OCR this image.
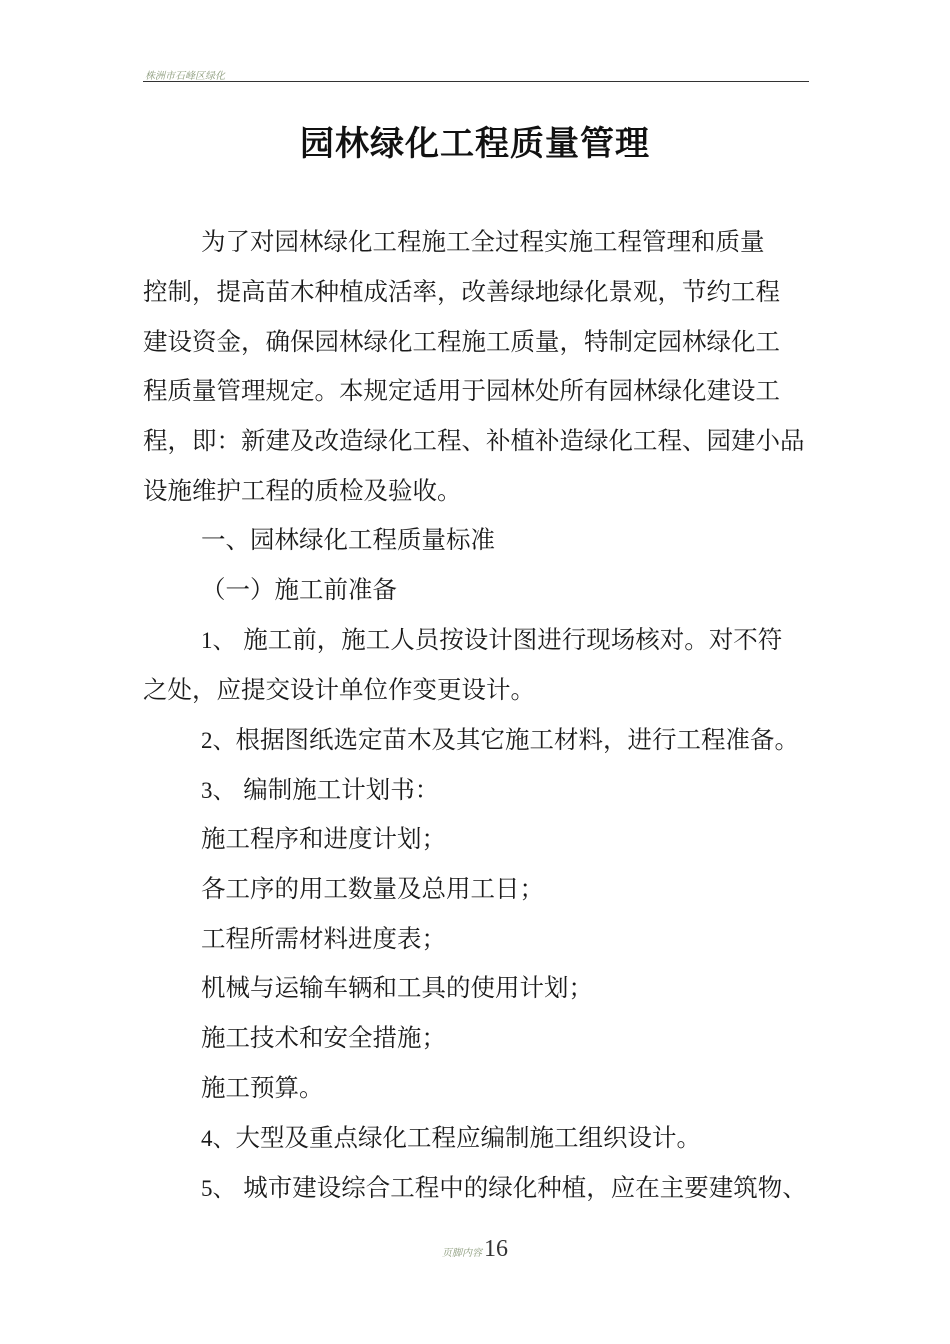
株洲市石峰区绿化
园林绿化工程质量管理
为了对园林绿化工程施工全过程实施工程管理和质量
控制，提高苗木种植成活率，改善绿地绿化景观，节约工程
建设资金，确保园林绿化工程施工质量，特制定园林绿化工
程质量管理规定。本规定适用于园林处所有园林绿化建设工
程，即：新建及改造绿化工程、补植补造绿化工程、园建小品
设施维护工程的质检及验收。
一、园林绿化工程质量标准
（一）施工前准备
1、 施工前，施工人员按设计图进行现场核对。对不符
之处，应提交设计单位作变更设计。
2、根据图纸选定苗木及其它施工材料，进行工程准备。
3、 编制施工计划书：
施工程序和进度计划；
各工序的用工数量及总用工日；
工程所需材料进度表；
机械与运输车辆和工具的使用计划；
施工技术和安全措施；
施工预算。
4、大型及重点绿化工程应编制施工组织设计。
5、 城市建设综合工程中的绿化种植，应在主要建筑物、
页脚内容16
